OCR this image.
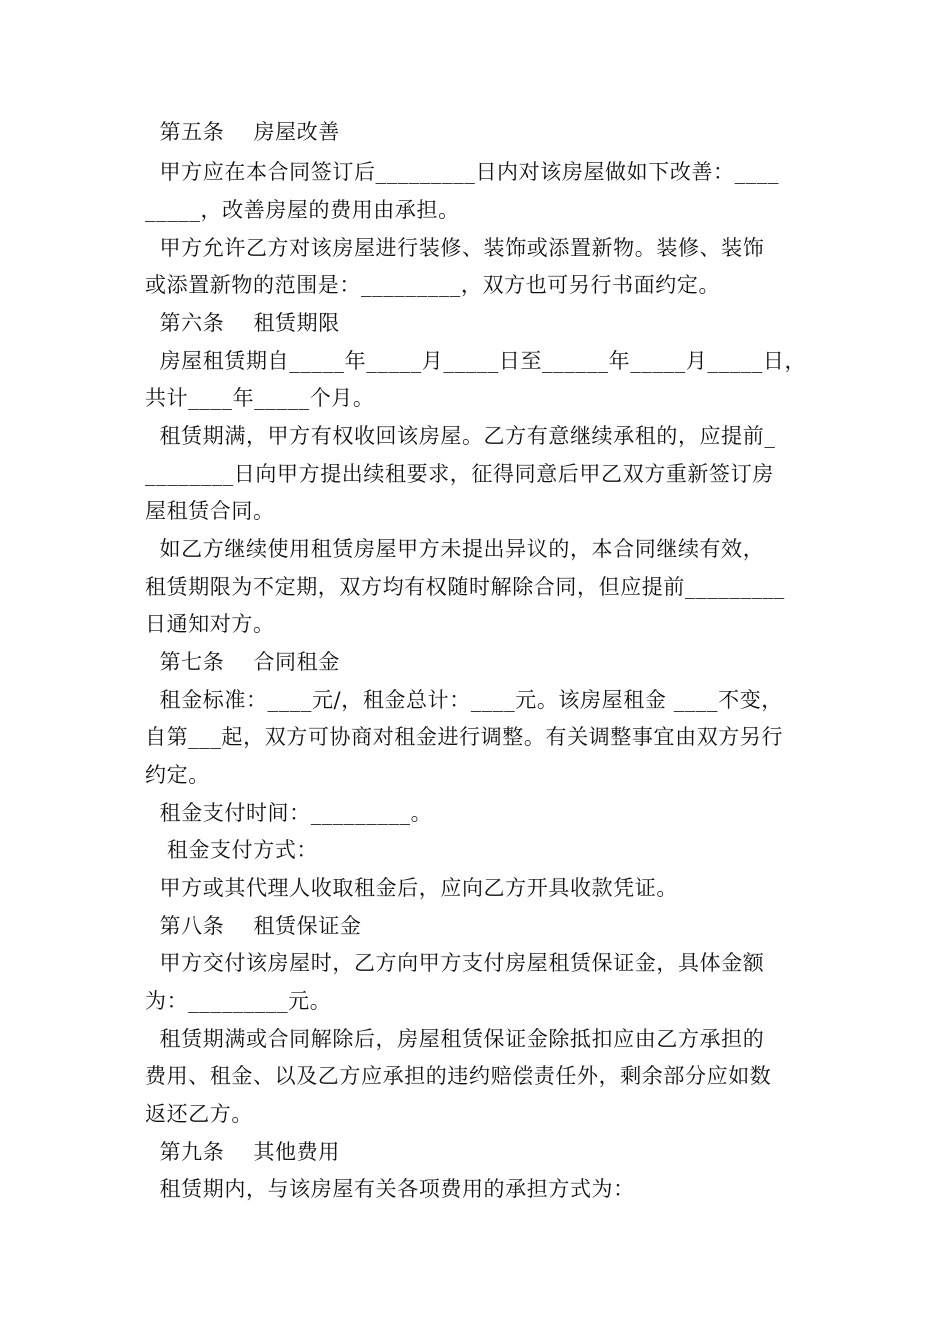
第五条    房屋改善
甲方应在本合同签订后_________日内对该房屋做如下改善：____
_____，改善房屋的费用由承担。
甲方允许乙方对该房屋进行装修、装饰或添置新物。装修、装饰
或添置新物的范围是：_________，双方也可另行书面约定。
第六条    租赁期限
房屋租赁期自_____年_____月_____日至______年_____月_____日，
共计____年_____个月。
租赁期满，甲方有权收回该房屋。乙方有意继续承租的，应提前_
________日向甲方提出续租要求，征得同意后甲乙双方重新签订房
屋租赁合同。
如乙方继续使用租赁房屋甲方未提出异议的，本合同继续有效，
租赁期限为不定期，双方均有权随时解除合同，但应提前_________
日通知对方。
第七条    合同租金
租金标准：____元/，租金总计：____元。该房屋租金 ____不变，
自第___起，双方可协商对租金进行调整。有关调整事宜由双方另行
约定。
租金支付时间：_________。
租金支付方式：
甲方或其代理人收取租金后，应向乙方开具收款凭证。
第八条    租赁保证金
甲方交付该房屋时，乙方向甲方支付房屋租赁保证金，具体金额
为：_________元。
租赁期满或合同解除后，房屋租赁保证金除抵扣应由乙方承担的
费用、租金、以及乙方应承担的违约赔偿责任外，剩余部分应如数
返还乙方。
第九条    其他费用
租赁期内，与该房屋有关各项费用的承担方式为：
